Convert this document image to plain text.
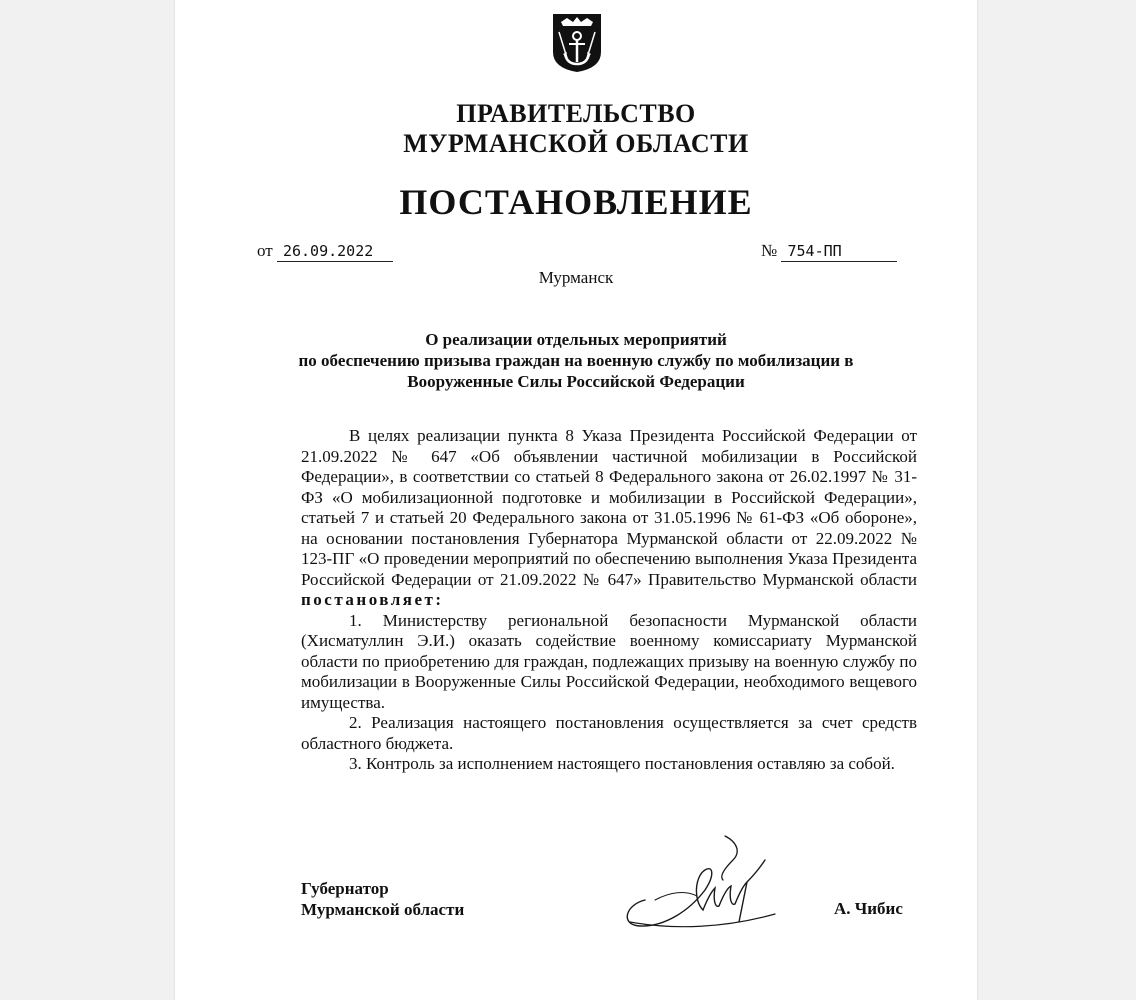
ПРАВИТЕЛЬСТВО
МУРМАНСКОЙ ОБЛАСТИ
ПОСТАНОВЛЕНИЕ
от 26.09.2022	№ 754-ПП
Мурманск
О реализации отдельных мероприятий
по обеспечению призыва граждан на военную службу по мобилизации в
Вооруженные Силы Российской Федерации

В целях реализации пункта 8 Указа Президента Российской Федерации от 21.09.2022 № 647 «Об объявлении частичной мобилизации в Российской Федерации», в соответствии со статьей 8 Федерального закона от 26.02.1997 № 31-ФЗ «О мобилизационной подготовке и мобилизации в Российской Федерации», статьей 7 и статьей 20 Федерального закона от 31.05.1996 № 61-ФЗ «Об обороне», на основании постановления Губернатора Мурманской области от 22.09.2022 № 123-ПГ «О проведении мероприятий по обеспечению выполнения Указа Президента Российской Федерации от 21.09.2022 № 647» Правительство Мурманской области постановляет:

1. Министерству региональной безопасности Мурманской области (Хисматуллин Э.И.) оказать содействие военному комиссариату Мурманской области по приобретению для граждан, подлежащих призыву на военную службу по мобилизации в Вооруженные Силы Российской Федерации, необходимого вещевого имущества.

2. Реализация настоящего постановления осуществляется за счет средств областного бюджета.

3. Контроль за исполнением настоящего постановления оставляю за собой.

Губернатор
Мурманской области	А. Чибис
